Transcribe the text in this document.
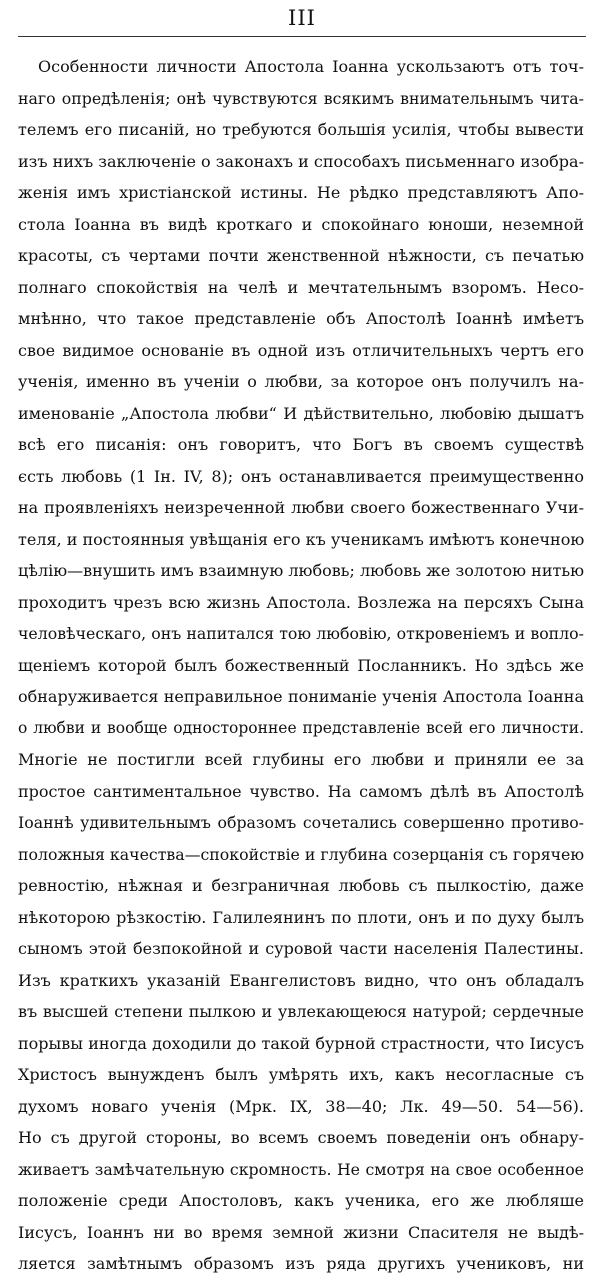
III
Особенности личности Апостола Іоанна ускользаютъ отъ точ-
наго опредѣленія; онѣ чувствуются всякимъ внимательнымъ чита-
телемъ его писаній, но требуются большія усилія, чтобы вывести
изъ нихъ заключеніе о законахъ и способахъ письменнаго изобра-
женія имъ христіанской истины. Не рѣдко представляютъ Апо-
стола Іоанна въ видѣ кроткаго и спокойнаго юноши, неземной
красоты, съ чертами почти женственной нѣжности, съ печатью
полнаго спокойствія на челѣ и мечтательнымъ взоромъ. Несо-
мнѣнно, что такое представленіе объ Апостолѣ Іоаннѣ имѣетъ
свое видимое основаніе въ одной изъ отличительныхъ чертъ его
ученія, именно въ ученіи о любви, за которое онъ получилъ на-
именованіе „Апостола любви“ И дѣйствительно, любовію дышатъ
всѣ его писанія: онъ говоритъ, что Богъ въ своемъ существѣ
єсть любовь (1 Ін. IV, 8); онъ останавливается преимущественно
на проявленіяхъ неизреченной любви своего божественнаго Учи-
теля, и постоянныя увѣщанія его къ ученикамъ имѣютъ конечною
цѣлію—внушить имъ взаимную любовь; любовь же золотою нитью
проходитъ чрезъ всю жизнь Апостола. Возлежа на персяхъ Сына
человѣческаго, онъ напитался тою любовію, откровеніемъ и вопло-
щеніемъ которой былъ божественный Посланникъ. Но здѣсь же
обнаруживается неправильное пониманіе ученія Апостола Іоанна
о любви и вообще одностороннее представленіе всей его личности.
Многіе не постигли всей глубины его любви и приняли ее за
простое сантиментальное чувство. На самомъ дѣлѣ въ Апостолѣ
Іоаннѣ удивительнымъ образомъ сочетались совершенно противо-
положныя качества—спокойствіе и глубина созерцанія съ горячею
ревностію, нѣжная и безграничная любовь съ пылкостію, даже
нѣкоторою рѣзкостію. Галилеянинъ по плоти, онъ и по духу былъ
сыномъ этой безпокойной и суровой части населенія Палестины.
Изъ краткихъ указаній Евангелистовъ видно, что онъ обладалъ
въ высшей степени пылкою и увлекающеюся натурой; сердечные
порывы иногда доходили до такой бурной страстности, что Іисусъ
Христосъ вынужденъ былъ умѣрять ихъ, какъ несогласные съ
духомъ новаго ученія (Мрк. IX, 38—40; Лк. 49—50. 54—56).
Но съ другой стороны, во всемъ своемъ поведеніи онъ обнару-
живаетъ замѣчательную скромность. Не смотря на свое особенное
положеніе среди Апостоловъ, какъ ученика, его же любляше
Іисусъ, Іоаннъ ни во время земной жизни Спасителя не выдѣ-
ляется замѣтнымъ образомъ изъ ряда другихъ учениковъ, ни
